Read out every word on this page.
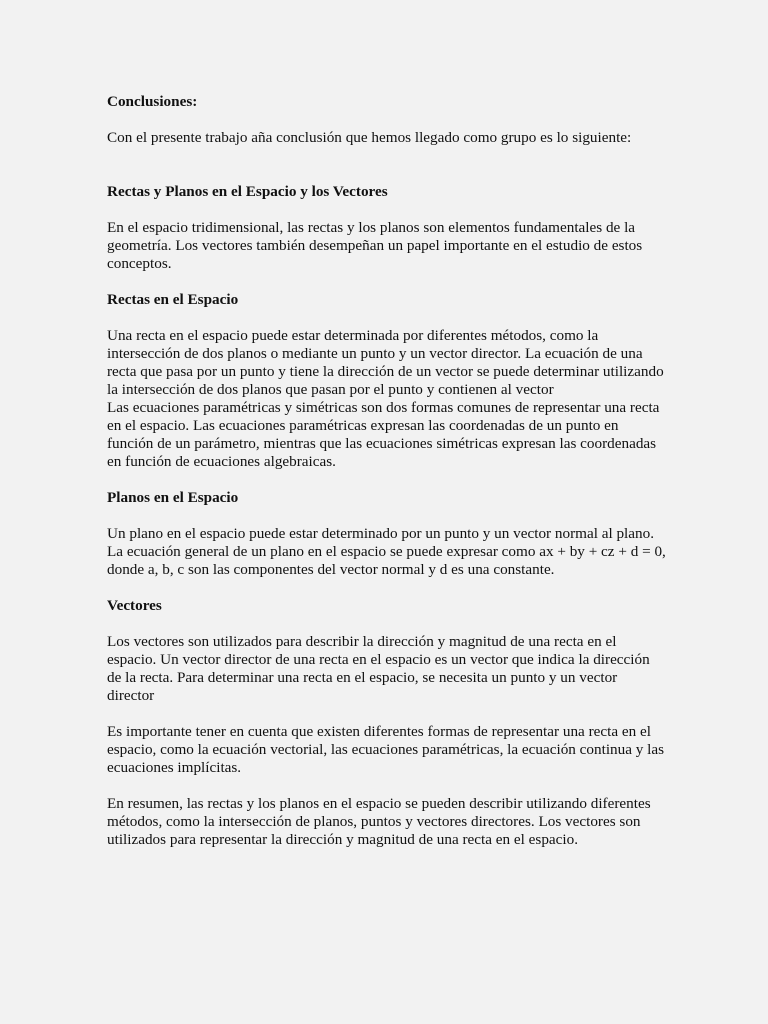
Conclusiones:

Con el presente trabajo aña conclusión que hemos llegado como grupo es lo siguiente:

Rectas y Planos en el Espacio y los Vectores

En el espacio tridimensional, las rectas y los planos son elementos fundamentales de la
geometría. Los vectores también desempeñan un papel importante en el estudio de estos
conceptos.

Rectas en el Espacio

Una recta en el espacio puede estar determinada por diferentes métodos, como la
intersección de dos planos o mediante un punto y un vector director. La ecuación de una
recta que pasa por un punto y tiene la dirección de un vector se puede determinar utilizando
la intersección de dos planos que pasan por el punto y contienen al vector
Las ecuaciones paramétricas y simétricas son dos formas comunes de representar una recta
en el espacio. Las ecuaciones paramétricas expresan las coordenadas de un punto en
función de un parámetro, mientras que las ecuaciones simétricas expresan las coordenadas
en función de ecuaciones algebraicas.

Planos en el Espacio

Un plano en el espacio puede estar determinado por un punto y un vector normal al plano.
La ecuación general de un plano en el espacio se puede expresar como ax + by + cz + d = 0,
donde a, b, c son las componentes del vector normal y d es una constante.

Vectores

Los vectores son utilizados para describir la dirección y magnitud de una recta en el
espacio. Un vector director de una recta en el espacio es un vector que indica la dirección
de la recta. Para determinar una recta en el espacio, se necesita un punto y un vector
director

Es importante tener en cuenta que existen diferentes formas de representar una recta en el
espacio, como la ecuación vectorial, las ecuaciones paramétricas, la ecuación continua y las
ecuaciones implícitas.

En resumen, las rectas y los planos en el espacio se pueden describir utilizando diferentes
métodos, como la intersección de planos, puntos y vectores directores. Los vectores son
utilizados para representar la dirección y magnitud de una recta en el espacio.
